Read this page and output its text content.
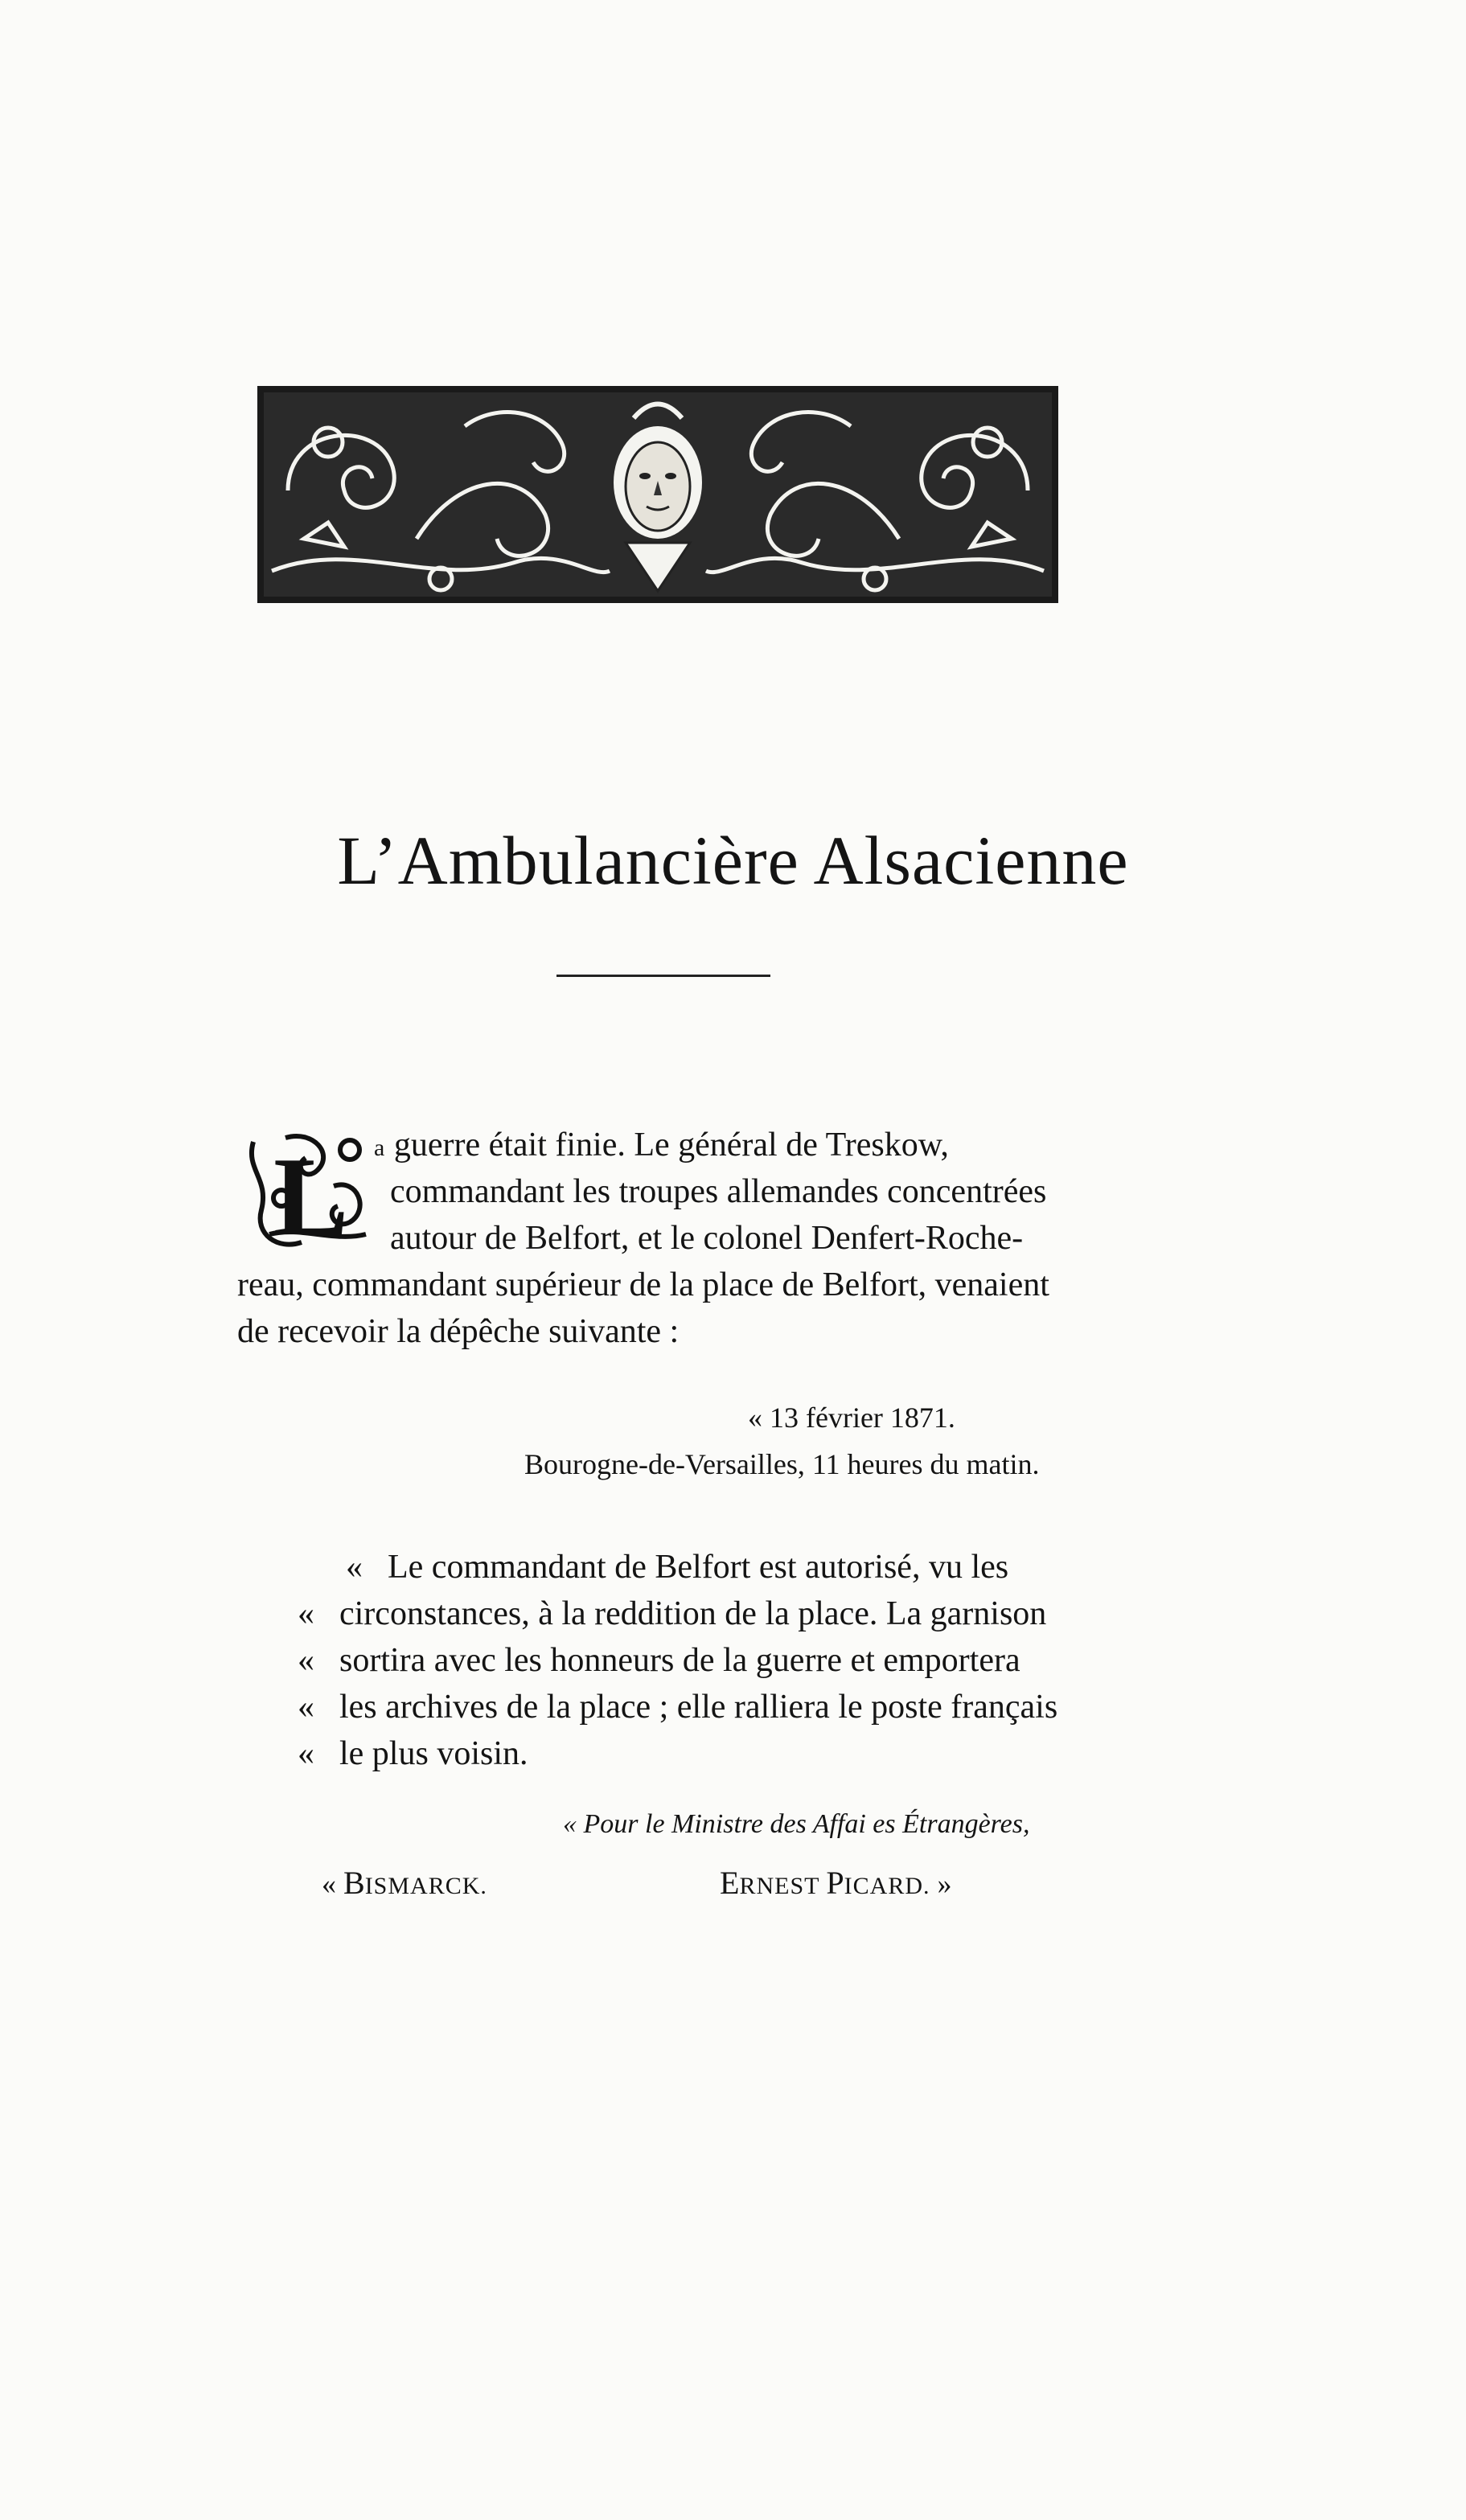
L’Ambulancière Alsacienne
L a guerre était finie. Le général de Treskow,
commandant les troupes allemandes concentrées
autour de Belfort, et le colonel Denfert-Roche-
reau, commandant supérieur de la place de Belfort, venaient
de recevoir la dépêche suivante :
« 13 février 1871.
Bourogne-de-Versailles, 11 heures du matin.
« Le commandant de Belfort est autorisé, vu les
« circonstances, à la reddition de la place. La garnison
« sortira avec les honneurs de la guerre et emportera
« les archives de la place ; elle ralliera le poste français
« le plus voisin.
« Pour le Ministre des Affai es Étrangères,
« BISMARCK.	ERNEST PICARD. »
